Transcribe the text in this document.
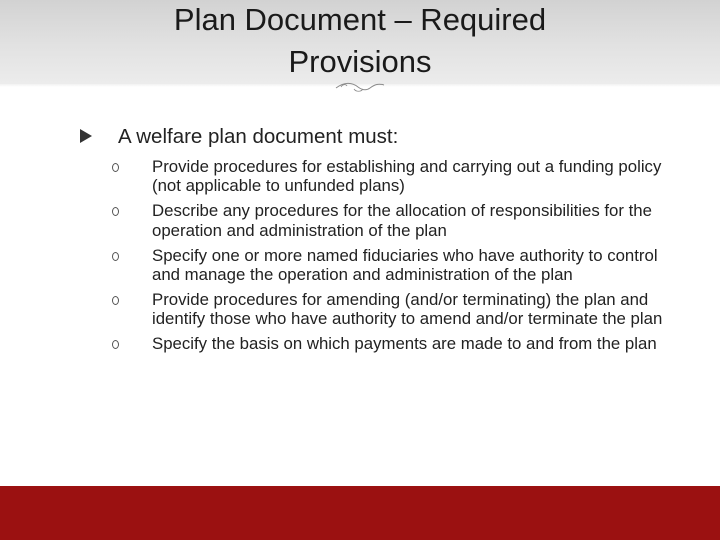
Plan Document – Required
Provisions

A welfare plan document must:

Provide procedures for establishing and carrying out a funding policy (not applicable to unfunded plans)
Describe any procedures for the allocation of responsibilities for the operation and administration of the plan
Specify one or more named fiduciaries who have authority to control and manage the operation and administration of the plan
Provide procedures for amending (and/or terminating) the plan and identify those who have authority to amend and/or terminate the plan
Specify the basis on which payments are made to and from the plan
